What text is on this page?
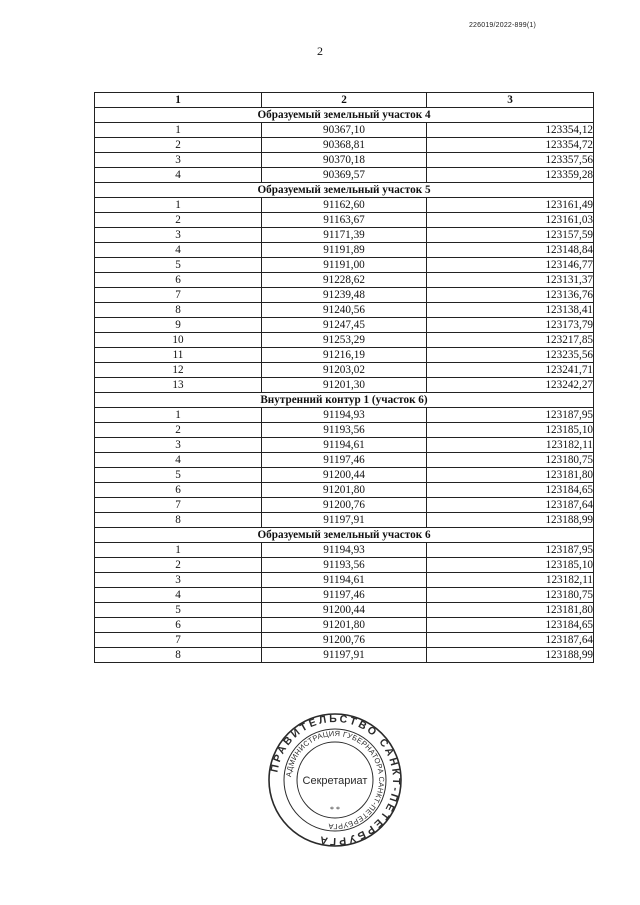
226019/2022-899(1)
2
1	2	3
Образуемый земельный участок 4		
1	90367,10	123354,12
2	90368,81	123354,72
3	90370,18	123357,56
4	90369,57	123359,28
Образуемый земельный участок 5		
1	91162,60	123161,49
2	91163,67	123161,03
3	91171,39	123157,59
4	91191,89	123148,84
5	91191,00	123146,77
6	91228,62	123131,37
7	91239,48	123136,76
8	91240,56	123138,41
9	91247,45	123173,79
10	91253,29	123217,85
11	91216,19	123235,56
12	91203,02	123241,71
13	91201,30	123242,27
Внутренний контур 1 (участок 6)		
1	91194,93	123187,95
2	91193,56	123185,10
3	91194,61	123182,11
4	91197,46	123180,75
5	91200,44	123181,80
6	91201,80	123184,65
7	91200,76	123187,64
8	91197,91	123188,99
Образуемый земельный участок 6		
1	91194,93	123187,95
2	91193,56	123185,10
3	91194,61	123182,11
4	91197,46	123180,75
5	91200,44	123181,80
6	91201,80	123184,65
7	91200,76	123187,64
8	91197,91	123188,99
ПРАВИТЕЛЬСТВО САНКТ-ПЕТЕРБУРГА
АДМИНИСТРАЦИЯ ГУБЕРНАТОРА САНКТ-ПЕТЕРБУРГА
Секретариат
* *
